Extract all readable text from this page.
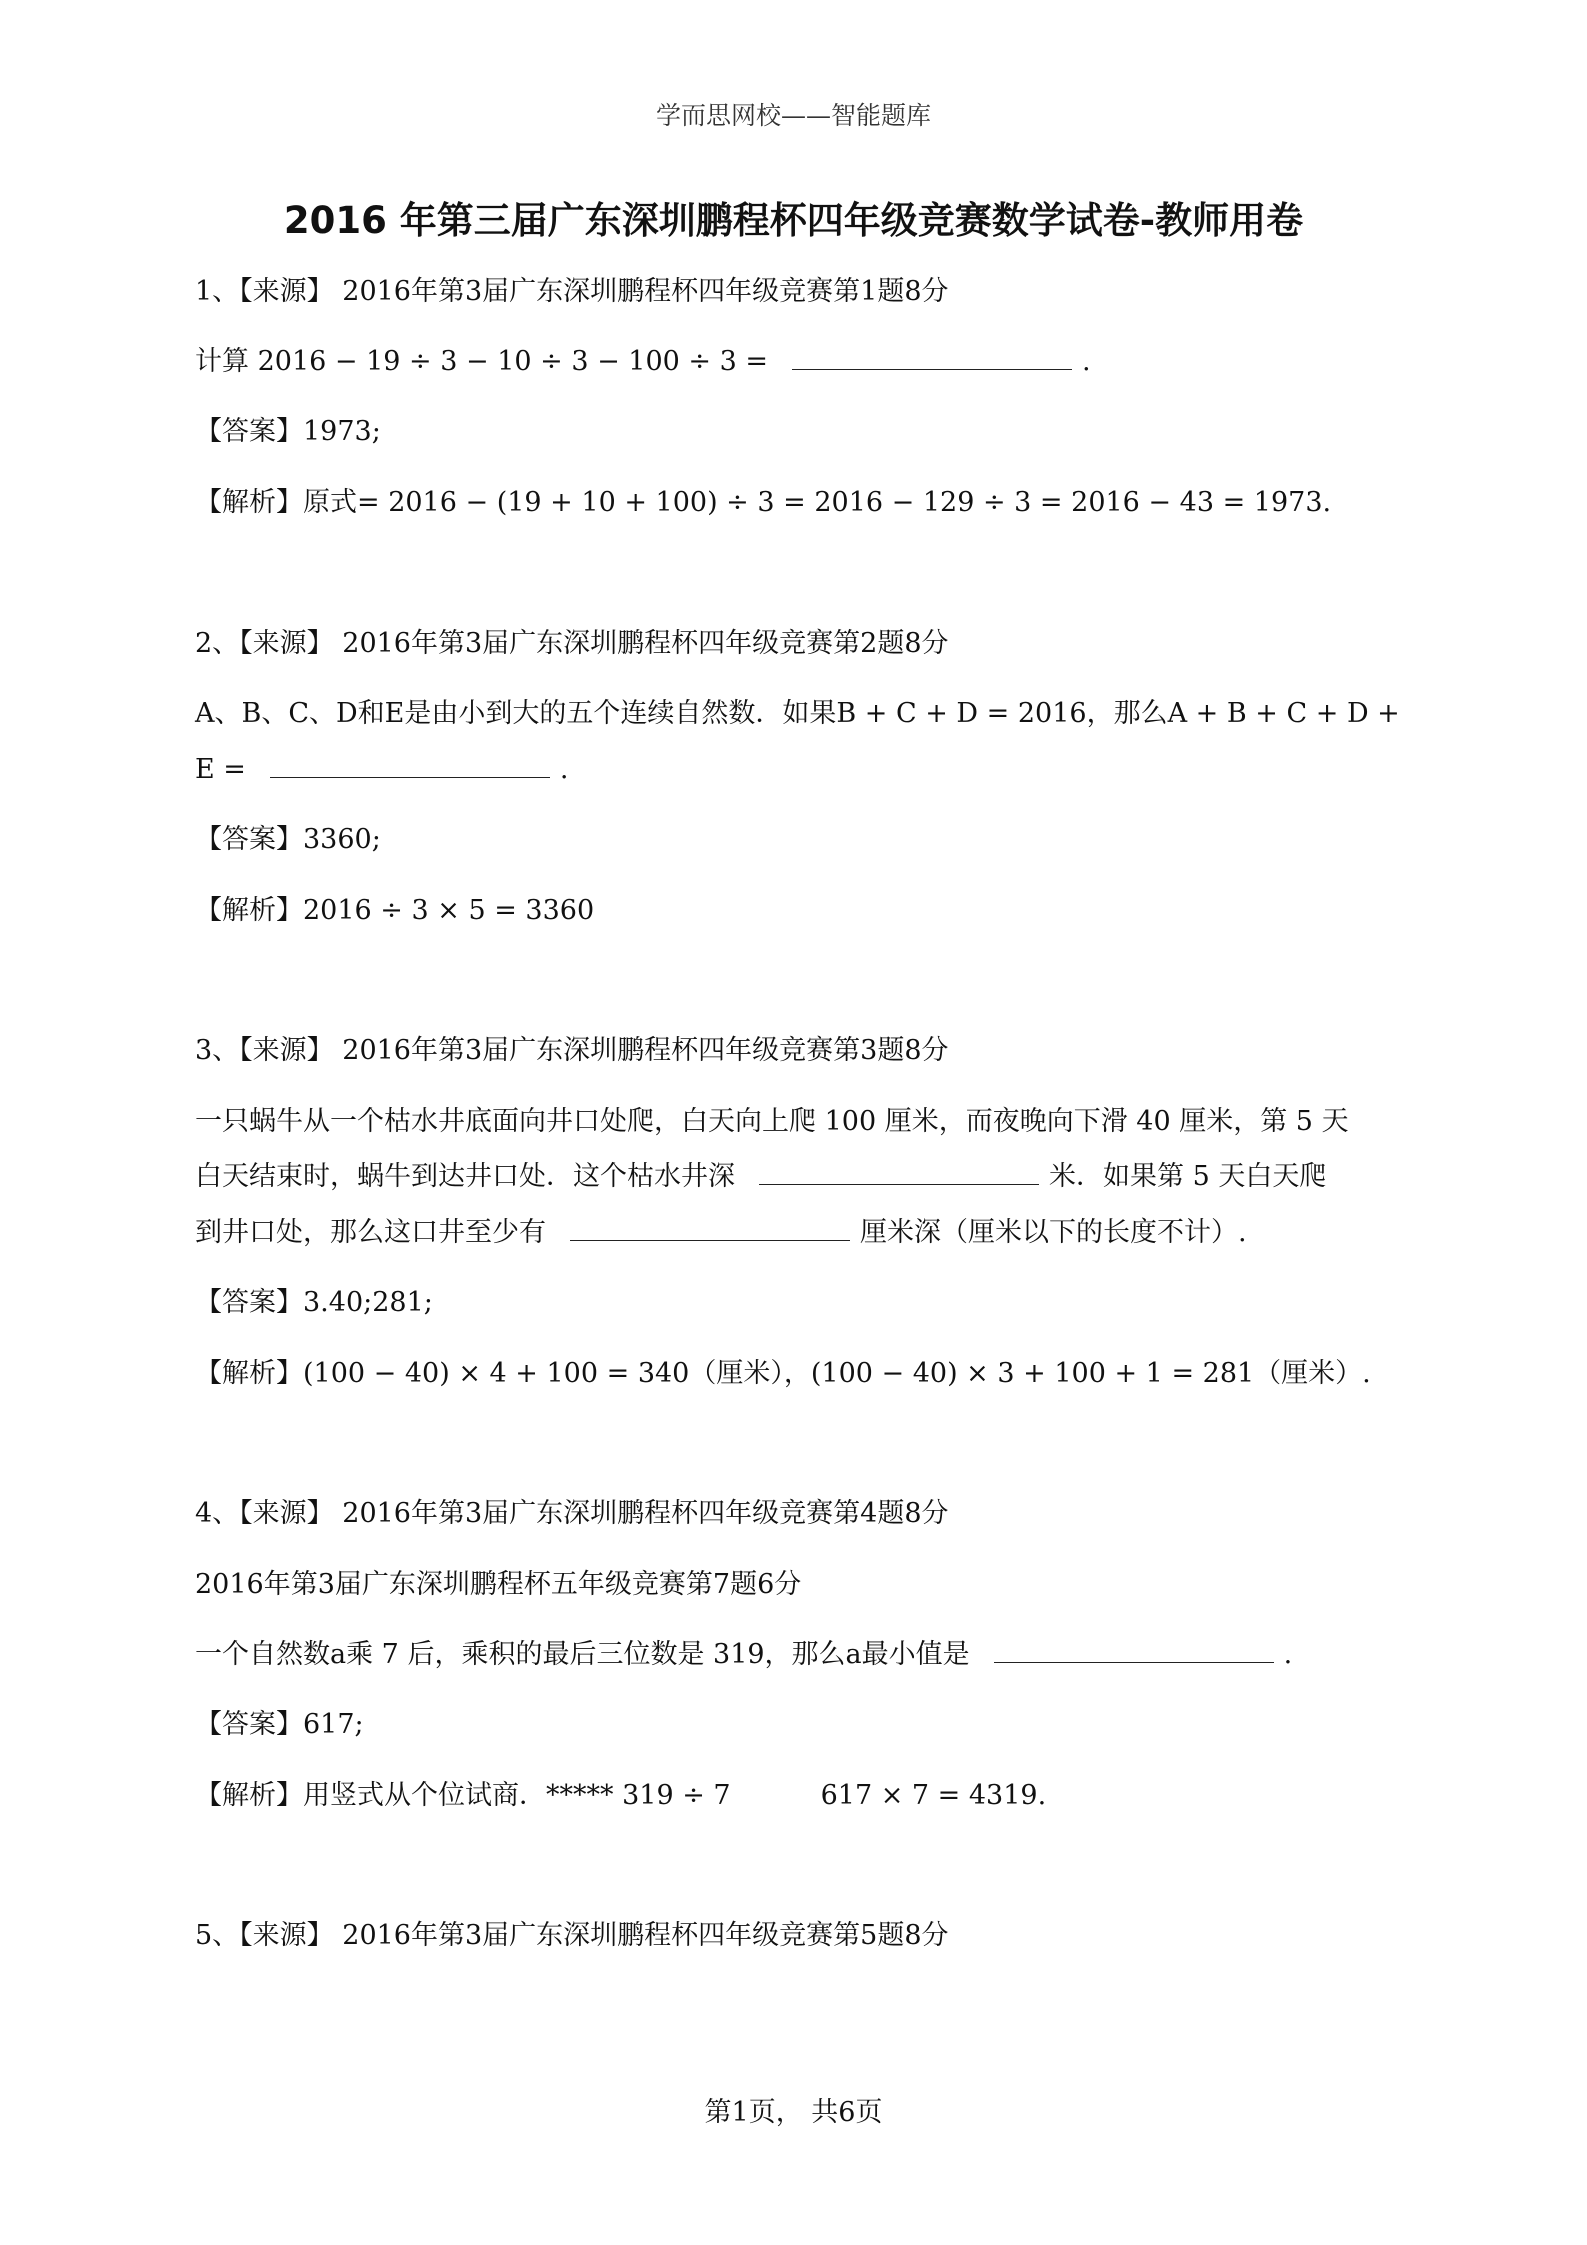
学而思网校——智能题库
2016 年第三届广东深圳鹏程杯四年级竞赛数学试卷-教师用卷
1、【来源】 2016年第3届广东深圳鹏程杯四年级竞赛第1题8分
计算 2016 − 19 ÷ 3 − 10 ÷ 3 − 100 ÷ 3 =	.
【答案】1973;
【解析】原式= 2016 − (19 + 10 + 100) ÷ 3 = 2016 − 129 ÷ 3 = 2016 − 43 = 1973.
2、【来源】 2016年第3届广东深圳鹏程杯四年级竞赛第2题8分
A、B、C、D和E是由小到大的五个连续自然数．如果B + C + D = 2016，那么A + B + C + D +
E =	.
【答案】3360;
【解析】2016 ÷ 3 × 5 = 3360
3、【来源】 2016年第3届广东深圳鹏程杯四年级竞赛第3题8分
一只蜗牛从一个枯水井底面向井口处爬，白天向上爬 100 厘米，而夜晚向下滑 40 厘米，第 5 天
白天结束时，蜗牛到达井口处．这个枯水井深	米．如果第 5 天白天爬
到井口处，那么这口井至少有	厘米深（厘米以下的长度不计）.
【答案】3.40;281;
【解析】(100 − 40) × 4 + 100 = 340（厘米），(100 − 40) × 3 + 100 + 1 = 281（厘米）.
4、【来源】 2016年第3届广东深圳鹏程杯四年级竞赛第4题8分
2016年第3届广东深圳鹏程杯五年级竞赛第7题6分
一个自然数a乘 7 后，乘积的最后三位数是 319，那么a最小值是	.
【答案】617;
【解析】用竖式从个位试商．***** 319 ÷ 7	617 × 7 = 4319.
5、【来源】 2016年第3届广东深圳鹏程杯四年级竞赛第5题8分
第1页， 共6页
